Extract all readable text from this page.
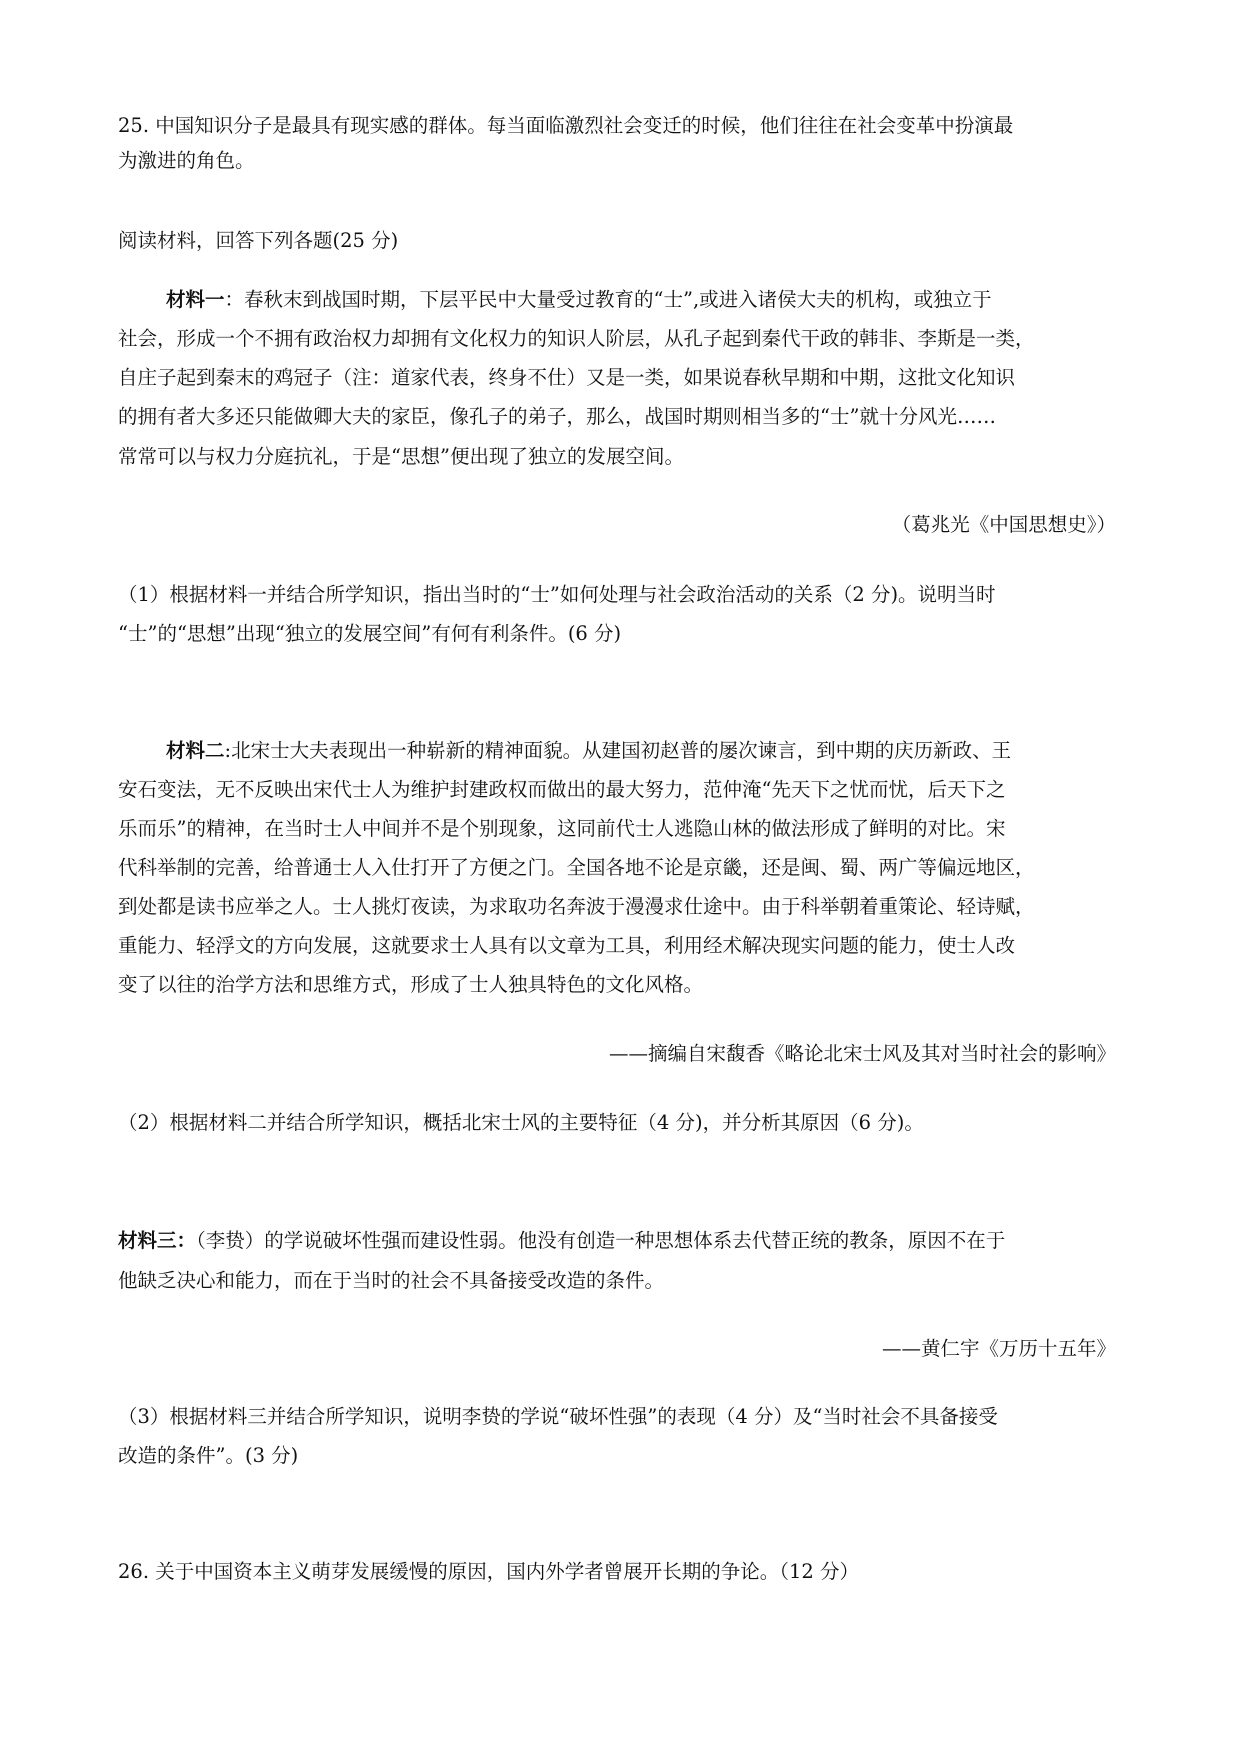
25. 中国知识分子是最具有现实感的群体。每当面临激烈社会变迁的时候，他们往往在社会变革中扮演最
为激进的角色。
阅读材料，回答下列各题(25 分)
材料一：春秋末到战国时期，下层平民中大量受过教育的“士”,或进入诸侯大夫的机构，或独立于
社会，形成一个不拥有政治权力却拥有文化权力的知识人阶层，从孔子起到秦代干政的韩非、李斯是一类，
自庄子起到秦末的鸡冠子（注：道家代表，终身不仕）又是一类，如果说春秋早期和中期，这批文化知识
的拥有者大多还只能做卿大夫的家臣，像孔子的弟子，那么，战国时期则相当多的“士”就十分风光……
常常可以与权力分庭抗礼，于是“思想”便出现了独立的发展空间。
（葛兆光《中国思想史》）
（1）根据材料一并结合所学知识，指出当时的“士”如何处理与社会政治活动的关系（2 分)。说明当时
“士”的“思想”出现“独立的发展空间”有何有利条件。(6 分)
材料二:北宋士大夫表现出一种崭新的精神面貌。从建国初赵普的屡次谏言，到中期的庆历新政、王
安石变法，无不反映出宋代士人为维护封建政权而做出的最大努力，范仲淹“先天下之忧而忧，后天下之
乐而乐”的精神，在当时士人中间并不是个别现象，这同前代士人逃隐山林的做法形成了鲜明的对比。宋
代科举制的完善，给普通士人入仕打开了方便之门。全国各地不论是京畿，还是闽、蜀、两广等偏远地区，
到处都是读书应举之人。士人挑灯夜读，为求取功名奔波于漫漫求仕途中。由于科举朝着重策论、轻诗赋，
重能力、轻浮文的方向发展，这就要求士人具有以文章为工具，利用经术解决现实问题的能力，使士人改
变了以往的治学方法和思维方式，形成了士人独具特色的文化风格。
——摘编自宋馥香《略论北宋士风及其对当时社会的影响》
（2）根据材料二并结合所学知识，概括北宋士风的主要特征（4 分)，并分析其原因（6 分)。
材料三：（李贽）的学说破坏性强而建设性弱。他没有创造一种思想体系去代替正统的教条，原因不在于
他缺乏决心和能力，而在于当时的社会不具备接受改造的条件。
——黄仁宇《万历十五年》
（3）根据材料三并结合所学知识，说明李贽的学说“破坏性强”的表现（4 分）及“当时社会不具备接受
改造的条件”。(3 分)
26. 关于中国资本主义萌芽发展缓慢的原因，国内外学者曾展开长期的争论。（12 分）
